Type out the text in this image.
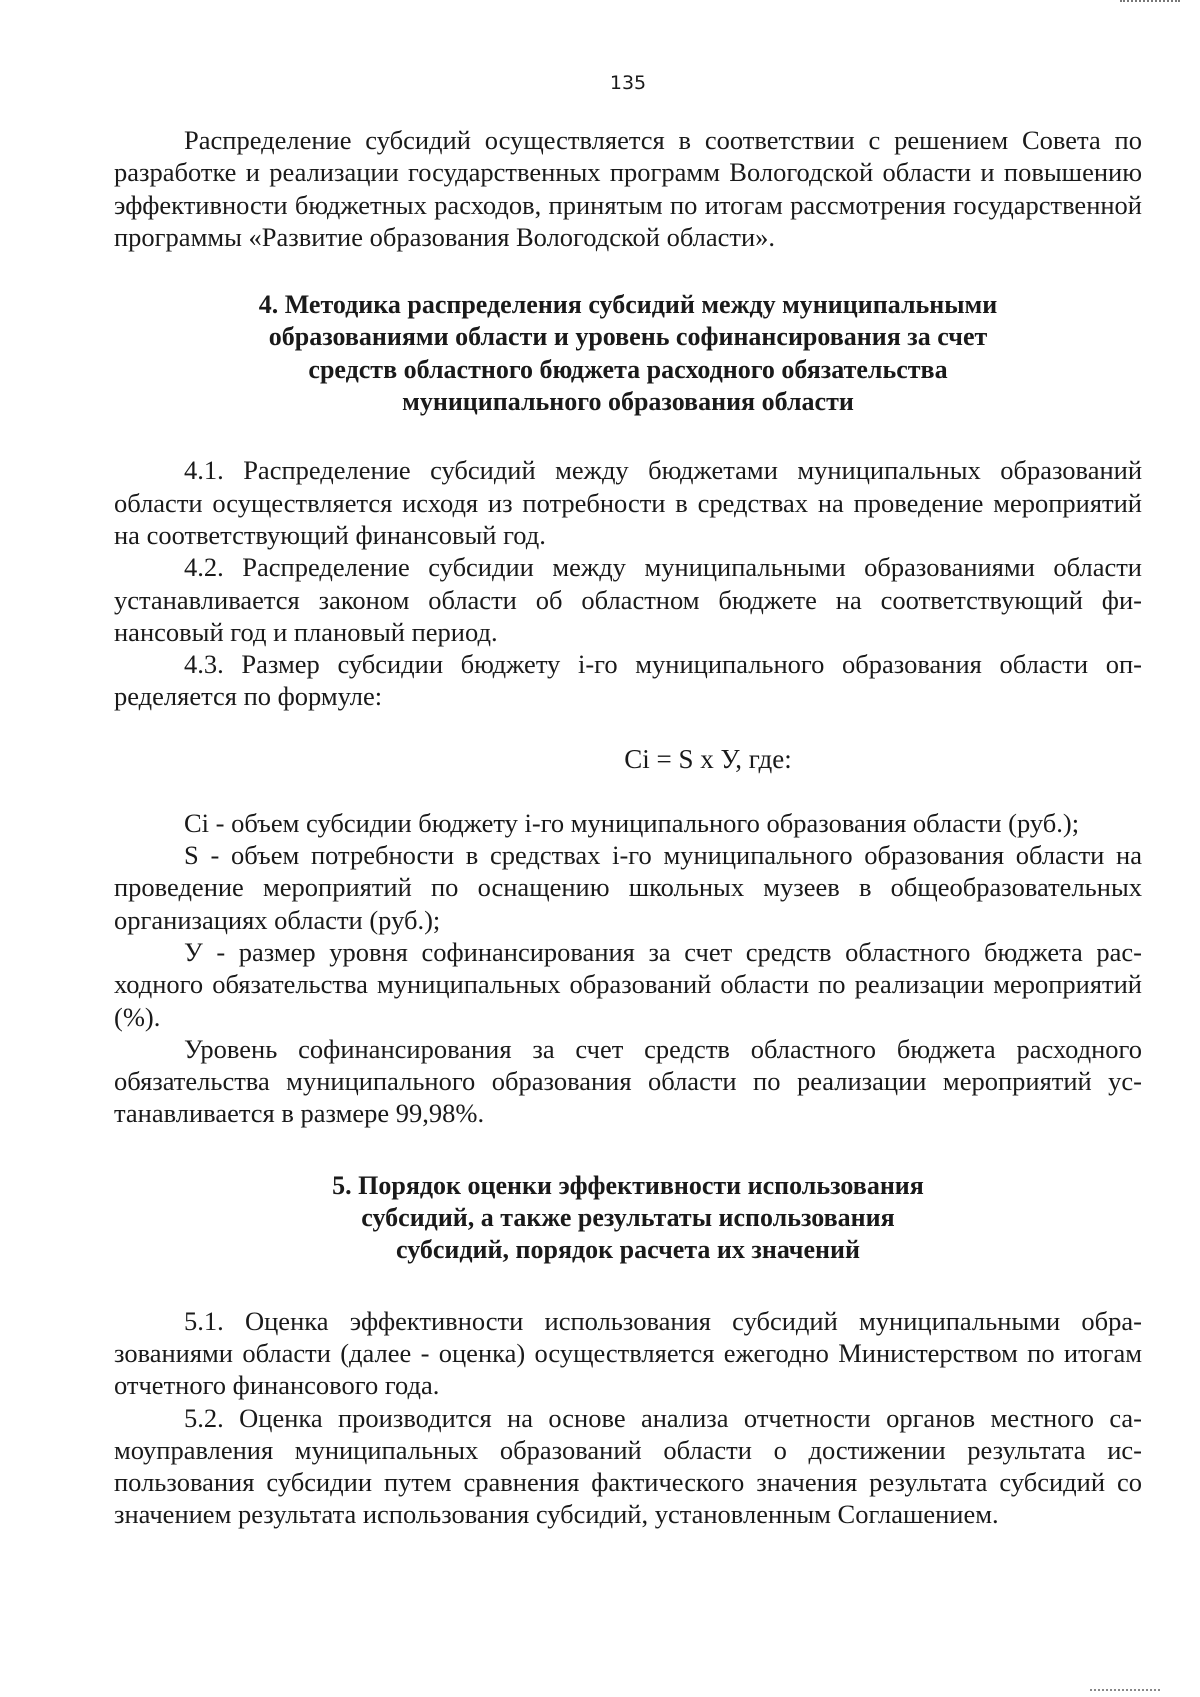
135

Распределение субсидий осуществляется в соответствии с решением Совета по разработке и реализации государственных программ Вологодской области и повышению эффективности бюджетных расходов, принятым по итогам рассмотрения государственной программы «Развитие образования Вологодской области».

4. Методика распределения субсидий между муниципальными
образованиями области и уровень софинансирования за счет
средств областного бюджета расходного обязательства
муниципального образования области

4.1. Распределение субсидий между бюджетами муниципальных образований области осуществляется исходя из потребности в средствах на проведение мероприятий на соответствующий финансовый год.

4.2. Распределение субсидии между муниципальными образованиями области устанавливается законом области об областном бюджете на соответствующий финансовый год и плановый период.

4.3. Размер субсидии бюджету i-го муниципального образования области определяется по формуле:

Ci = S x У, где:

Ci - объем субсидии бюджету i-го муниципального образования области (руб.);

S - объем потребности в средствах i-го муниципального образования области на проведение мероприятий по оснащению школьных музеев в общеобразовательных организациях области (руб.);

У - размер уровня софинансирования за счет средств областного бюджета расходного обязательства муниципальных образований области по реализации мероприятий (%).

Уровень софинансирования за счет средств областного бюджета расходного обязательства муниципального образования области по реализации мероприятий устанавливается в размере 99,98%.

5. Порядок оценки эффективности использования
субсидий, а также результаты использования
субсидий, порядок расчета их значений

5.1. Оценка эффективности использования субсидий муниципальными образованиями области (далее - оценка) осуществляется ежегодно Министерством по итогам отчетного финансового года.

5.2. Оценка производится на основе анализа отчетности органов местного самоуправления муниципальных образований области о достижении результата использования субсидии путем сравнения фактического значения результата субсидий со значением результата использования субсидий, установленным Соглашением.
